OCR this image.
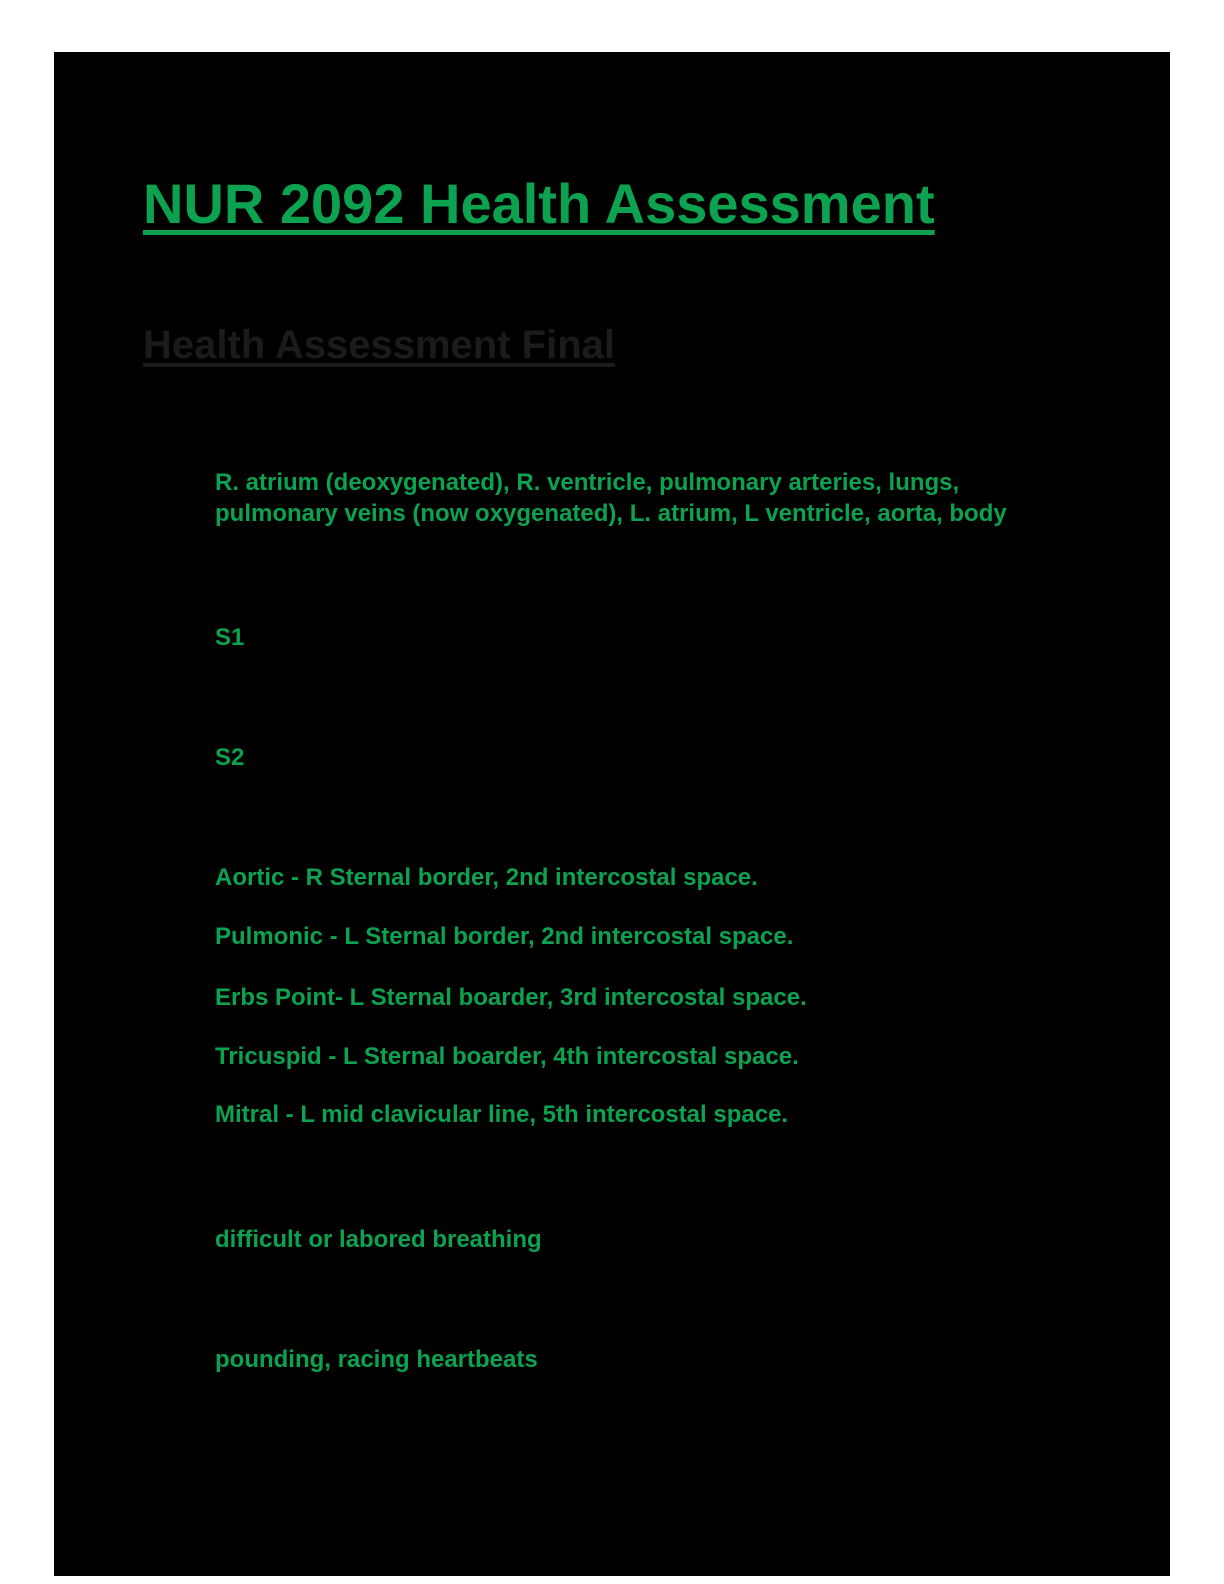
NUR 2092 Health Assessment
Health Assessment Final
R. atrium (deoxygenated), R. ventricle, pulmonary arteries, lungs,
pulmonary veins (now oxygenated), L. atrium, L ventricle, aorta, body
S1
S2
Aortic - R Sternal border, 2nd intercostal space.
Pulmonic - L Sternal border, 2nd intercostal space.
Erbs Point- L Sternal boarder, 3rd intercostal space.
Tricuspid - L Sternal boarder, 4th intercostal space.
Mitral - L mid clavicular line, 5th intercostal space.
difficult or labored breathing
pounding, racing heartbeats
